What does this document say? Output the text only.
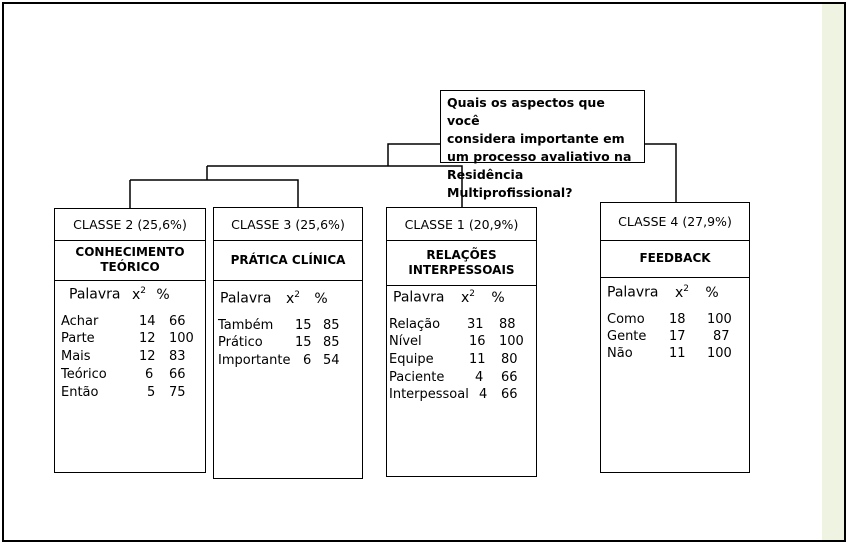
Quais os aspectos que você
considera importante em
um processo avaliativo na
Residência Multiprofissional?
CLASSE 2 (25,6%)
CONHECIMENTO
TEÓRICO
Palavra $x^2$ %
Achar	14 66
Parte	12 100
Mais	12 83
Teórico	6 66
Então	5 75
CLASSE 3 (25,6%)
PRÁTICA CLÍNICA
Palavra $x^2$ %
Também 15 85
Prático 15 85
Importante 6 54
CLASSE 1 (20,9%)
RELAÇÕES
INTERPESSOAIS
Palavra $x^2$ %
Relação 31 88
Nível	16 100
Equipe	11 80
Paciente 4 66
Interpessoal 4 66
CLASSE 4 (27,9%)
FEEDBACK
Palavra $x^2$ %
Como 18 100
Gente 17 87
Não	11 100
